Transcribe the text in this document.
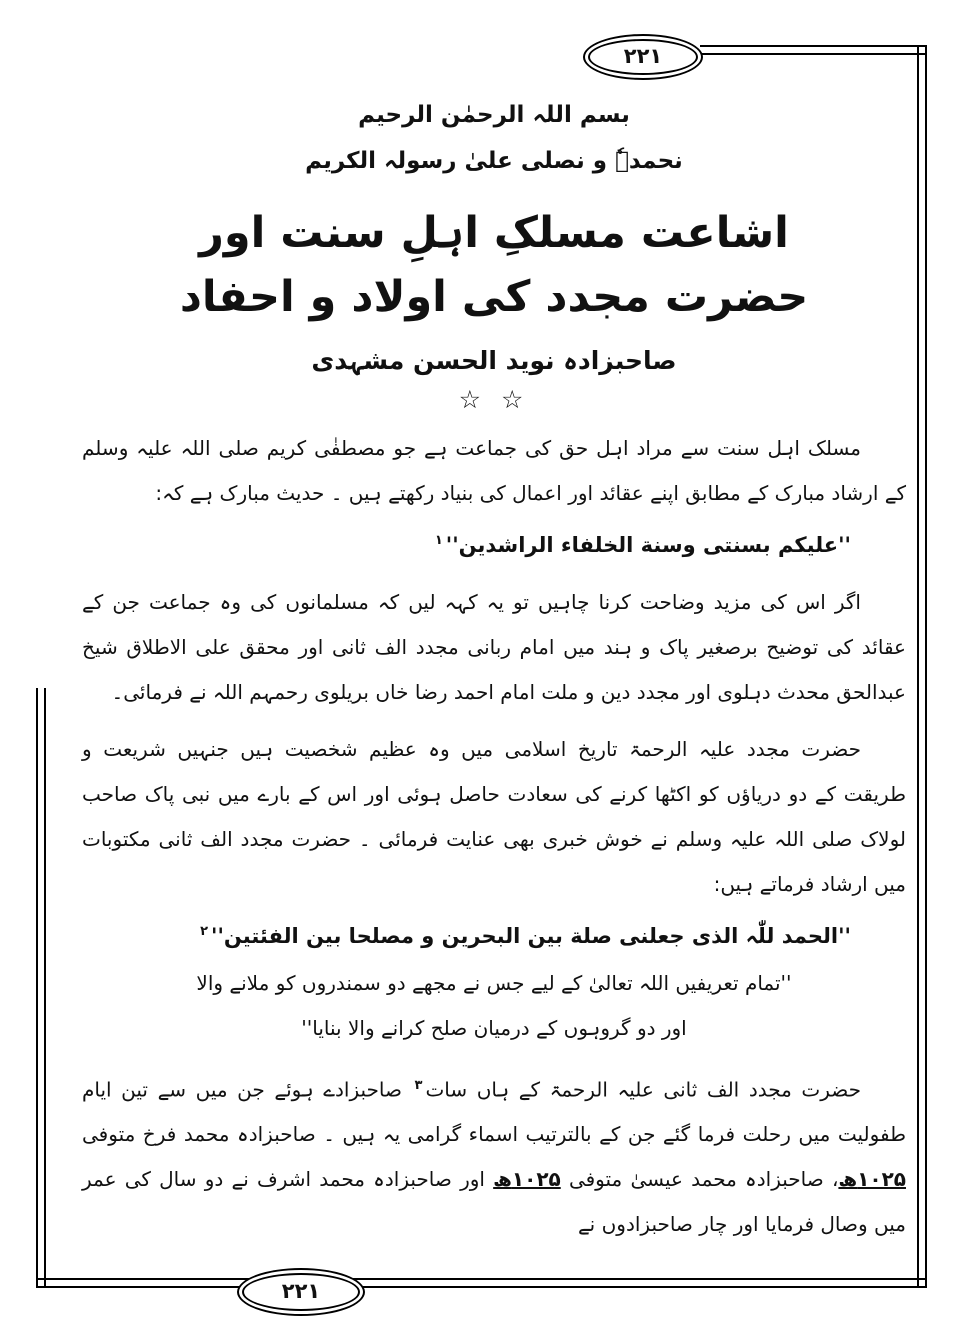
۲۲۱
۲۲۱
بسم اللہ الرحمٰن الرحیم
نحمدہٗ و نصلی علیٰ رسولہ الکریم
اشاعت مسلکِ اہلِ سنت اور
حضرت مجدد کی اولاد و احفاد
صاحبزادہ نوید الحسن مشہدی
☆ ☆

مسلک اہل سنت سے مراد اہل حق کی جماعت ہے جو مصطفٰی کریم صلی اللہ علیہ وسلم کے ارشاد مبارک کے مطابق اپنے عقائد اور اعمال کی بنیاد رکھتے ہیں ۔ حدیث مبارک ہے کہ:

''علیکم بسنتی وسنة الخلفاء الراشدین''$^۱$

اگر اس کی مزید وضاحت کرنا چاہیں تو یہ کہہ لیں کہ مسلمانوں کی وہ جماعت جن کے عقائد کی توضیح برصغیر پاک و ہند میں امام ربانی مجدد الف ثانی اور محقق علی الاطلاق شیخ عبدالحق محدث دہلوی اور مجدد دین و ملت امام احمد رضا خاں بریلوی رحمہم اللہ نے فرمائی۔

حضرت مجدد علیہ الرحمۃ تاریخ اسلامی میں وہ عظیم شخصیت ہیں جنہیں شریعت و طریقت کے دو دریاؤں کو اکٹھا کرنے کی سعادت حاصل ہوئی اور اس کے بارے میں نبی پاک صاحب لولاک صلی اللہ علیہ وسلم نے خوش خبری بھی عنایت فرمائی ۔ حضرت مجدد الف ثانی مکتوبات میں ارشاد فرماتے ہیں:

''الحمد للّٰہ الذی جعلنی صلة بین البحرین و مصلحا بین الفئتین''$^۲$
''تمام تعریفیں اللہ تعالیٰ کے لیے جس نے مجھے دو سمندروں کو ملانے والا اور دو گروہوں کے درمیان صلح کرانے والا بنایا''

حضرت مجدد الف ثانی علیہ الرحمۃ کے ہاں سات$^۳$ صاحبزادے ہوئے جن میں سے تین ایام طفولیت میں رحلت فرما گئے جن کے بالترتیب اسماء گرامی یہ ہیں ۔ صاحبزادہ محمد فرخ متوفی ۱۰۲۵ھ، صاحبزادہ محمد عیسیٰ متوفی ۱۰۲۵ھ اور صاحبزادہ محمد اشرف نے دو سال کی عمر میں وصال فرمایا اور چار صاحبزادوں نے
